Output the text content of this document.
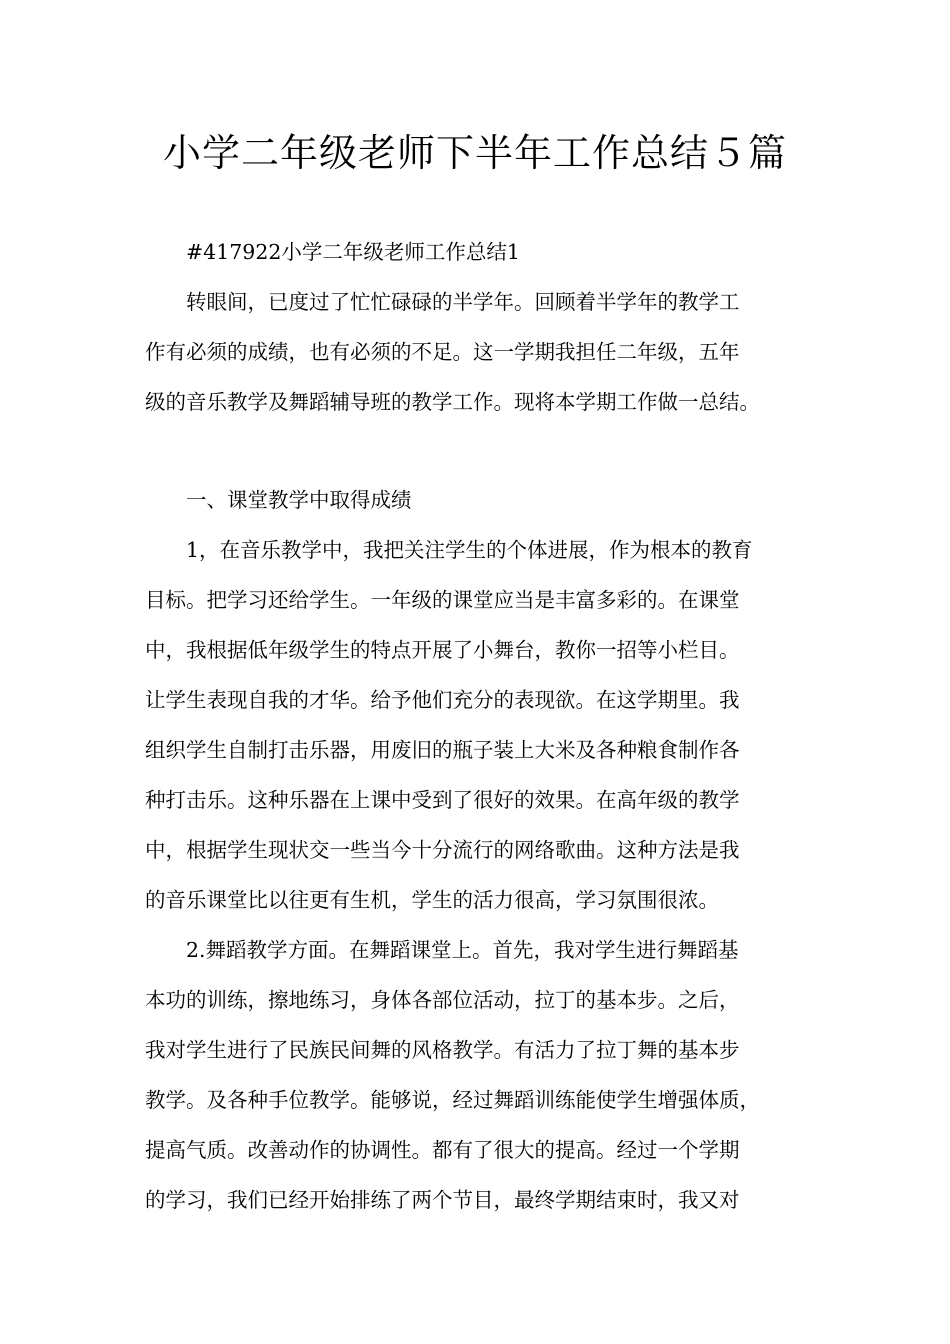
小学二年级老师下半年工作总结５篇

#417922小学二年级老师工作总结1

转眼间，已度过了忙忙碌碌的半学年。回顾着半学年的教学工
作有必须的成绩，也有必须的不足。这一学期我担任二年级，五年
级的音乐教学及舞蹈辅导班的教学工作。现将本学期工作做一总结。

一、课堂教学中取得成绩

1，在音乐教学中，我把关注学生的个体进展，作为根本的教育
目标。把学习还给学生。一年级的课堂应当是丰富多彩的。在课堂
中，我根据低年级学生的特点开展了小舞台，教你一招等小栏目。
让学生表现自我的才华。给予他们充分的表现欲。在这学期里。我
组织学生自制打击乐器，用废旧的瓶子装上大米及各种粮食制作各
种打击乐。这种乐器在上课中受到了很好的效果。在高年级的教学
中，根据学生现状交一些当今十分流行的网络歌曲。这种方法是我
的音乐课堂比以往更有生机，学生的活力很高，学习氛围很浓。
2.舞蹈教学方面。在舞蹈课堂上。首先，我对学生进行舞蹈基
本功的训练，擦地练习，身体各部位活动，拉丁的基本步。之后，
我对学生进行了民族民间舞的风格教学。有活力了拉丁舞的基本步
教学。及各种手位教学。能够说，经过舞蹈训练能使学生增强体质，
提高气质。改善动作的协调性。都有了很大的提高。经过一个学期
的学习，我们已经开始排练了两个节目，最终学期结束时，我又对
